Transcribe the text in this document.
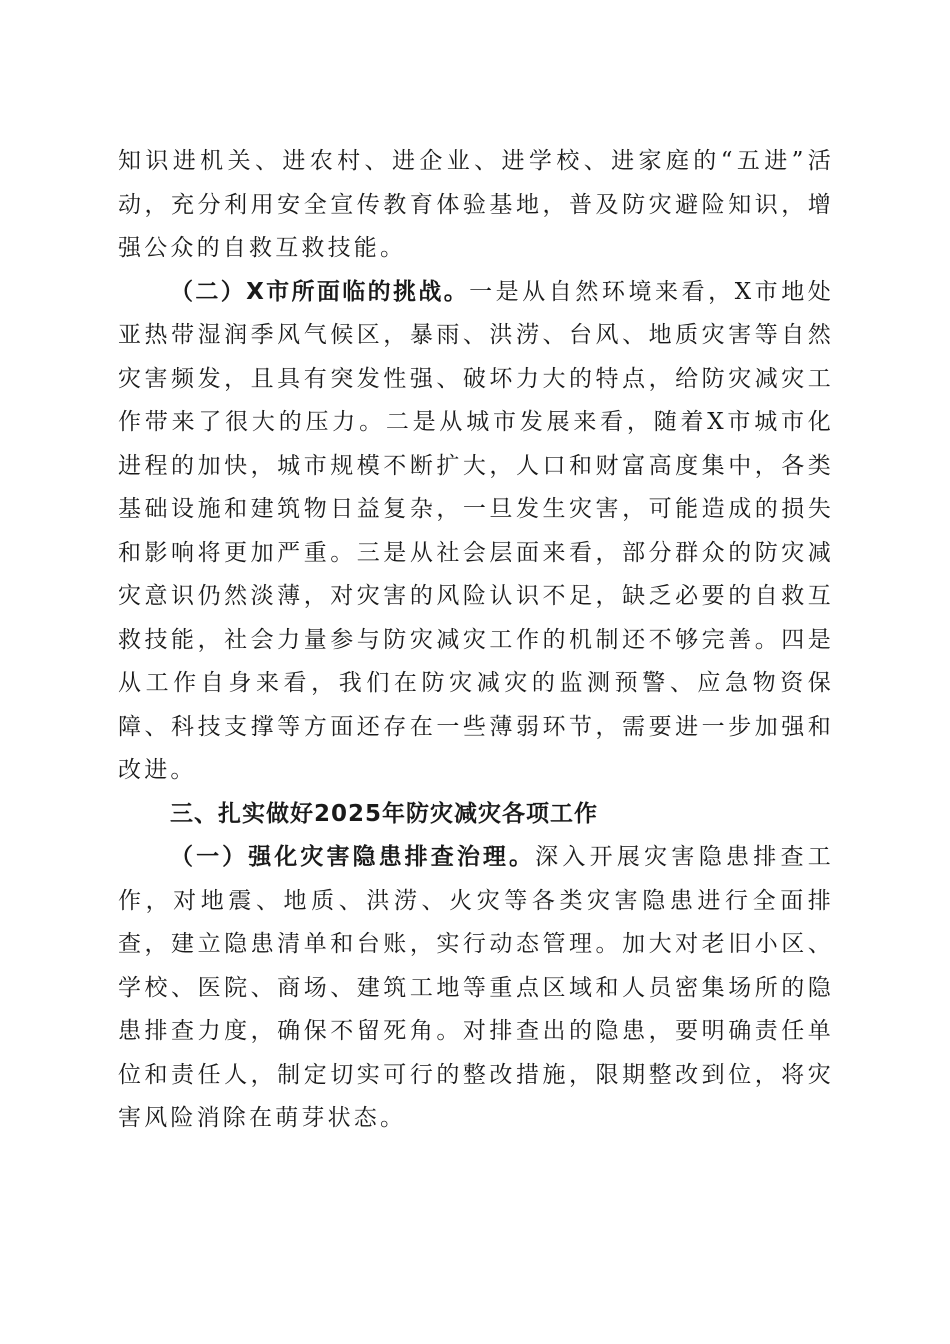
知识进机关、进农村、进企业、进学校、进家庭的“五进”活动，充分利用安全宣传教育体验基地，普及防灾避险知识，增强公众的自救互救技能。

（二）X市所面临的挑战。一是从自然环境来看，X市地处亚热带湿润季风气候区，暴雨、洪涝、台风、地质灾害等自然灾害频发，且具有突发性强、破坏力大的特点，给防灾减灾工作带来了很大的压力。二是从城市发展来看，随着X市城市化进程的加快，城市规模不断扩大，人口和财富高度集中，各类基础设施和建筑物日益复杂，一旦发生灾害，可能造成的损失和影响将更加严重。三是从社会层面来看，部分群众的防灾减灾意识仍然淡薄，对灾害的风险认识不足，缺乏必要的自救互救技能，社会力量参与防灾减灾工作的机制还不够完善。四是从工作自身来看，我们在防灾减灾的监测预警、应急物资保障、科技支撑等方面还存在一些薄弱环节，需要进一步加强和改进。

三、扎实做好2025年防灾减灾各项工作

（一）强化灾害隐患排查治理。深入开展灾害隐患排查工作，对地震、地质、洪涝、火灾等各类灾害隐患进行全面排查，建立隐患清单和台账，实行动态管理。加大对老旧小区、学校、医院、商场、建筑工地等重点区域和人员密集场所的隐患排查力度，确保不留死角。对排查出的隐患，要明确责任单位和责任人，制定切实可行的整改措施，限期整改到位，将灾害风险消除在萌芽状态。
